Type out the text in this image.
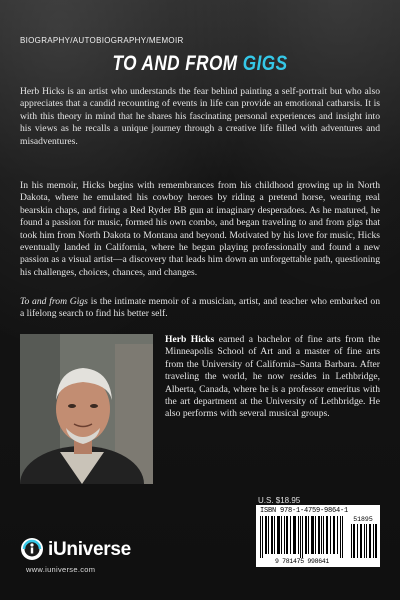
BIOGRAPHY/AUTOBIOGRAPHY/MEMOIR
TO AND FROM GIGS
Herb Hicks is an artist who understands the fear behind painting a self-portrait but who also appreciates that a candid recounting of events in life can provide an emotional catharsis. It is with this theory in mind that he shares his fascinating personal experiences and insight into his views as he recalls a unique journey through a creative life filled with adventures and misadventures.
In his memoir, Hicks begins with remembrances from his childhood growing up in North Dakota, where he emulated his cowboy heroes by riding a pretend horse, wearing real bearskin chaps, and firing a Red Ryder BB gun at imaginary desperadoes. As he matured, he found a passion for music, formed his own combo, and began traveling to and from gigs that took him from North Dakota to Montana and beyond. Motivated by his love for music, Hicks eventually landed in California, where he began playing professionally and found a new passion as a visual artist—a discovery that leads him down an unforgettable path, questioning his challenges, choices, chances, and changes.
To and from Gigs is the intimate memoir of a musician, artist, and teacher who embarked on a lifelong search to find his better self.
Herb Hicks earned a bachelor of fine arts from the Minneapolis School of Art and a master of fine arts from the University of California–Santa Barbara. After traveling the world, he now resides in Lethbridge, Alberta, Canada, where he is a professor emeritus with the art department at the University of Lethbridge. He also performs with several musical groups.
U.S. $18.95
ISBN 978-1-4759-9864-1
51895
9 781475 998641
iUniverse
www.iuniverse.com
